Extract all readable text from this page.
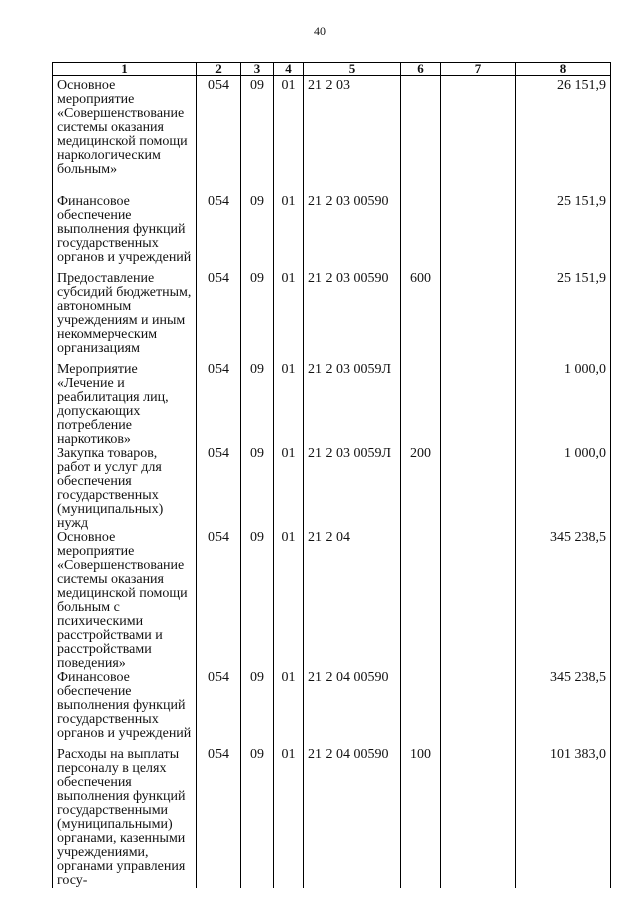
40
1	2	3	4	5	6	7	8
Основное мероприятие «Совершенствование системы оказания медицинской помощи наркологическим больным»	054	09	01	21 2 03			26 151,9
Финансовое обеспечение выполнения функций государственных органов и учреждений	054	09	01	21 2 03 00590			25 151,9
Предоставление субсидий бюджетным, автономным учреждениям и иным некоммерческим организациям	054	09	01	21 2 03 00590	600		25 151,9
Мероприятие «Лечение и реабилитация лиц, допускающих потребление наркотиков»	054	09	01	21 2 03 0059Л			1 000,0
Закупка товаров, работ и услуг для обеспечения государственных (муниципальных) нужд	054	09	01	21 2 03 0059Л	200		1 000,0
Основное мероприятие «Совершенствование системы оказания медицинской помощи больным с психическими расстройствами и расстройствами поведения»	054	09	01	21 2 04			345 238,5
Финансовое обеспечение выполнения функций государственных органов и учреждений	054	09	01	21 2 04 00590			345 238,5
Расходы на выплаты персоналу в целях обеспечения выполнения функций государственными (муниципальными) органами, казенными учреждениями, органами управления госу-	054	09	01	21 2 04 00590	100		101 383,0
